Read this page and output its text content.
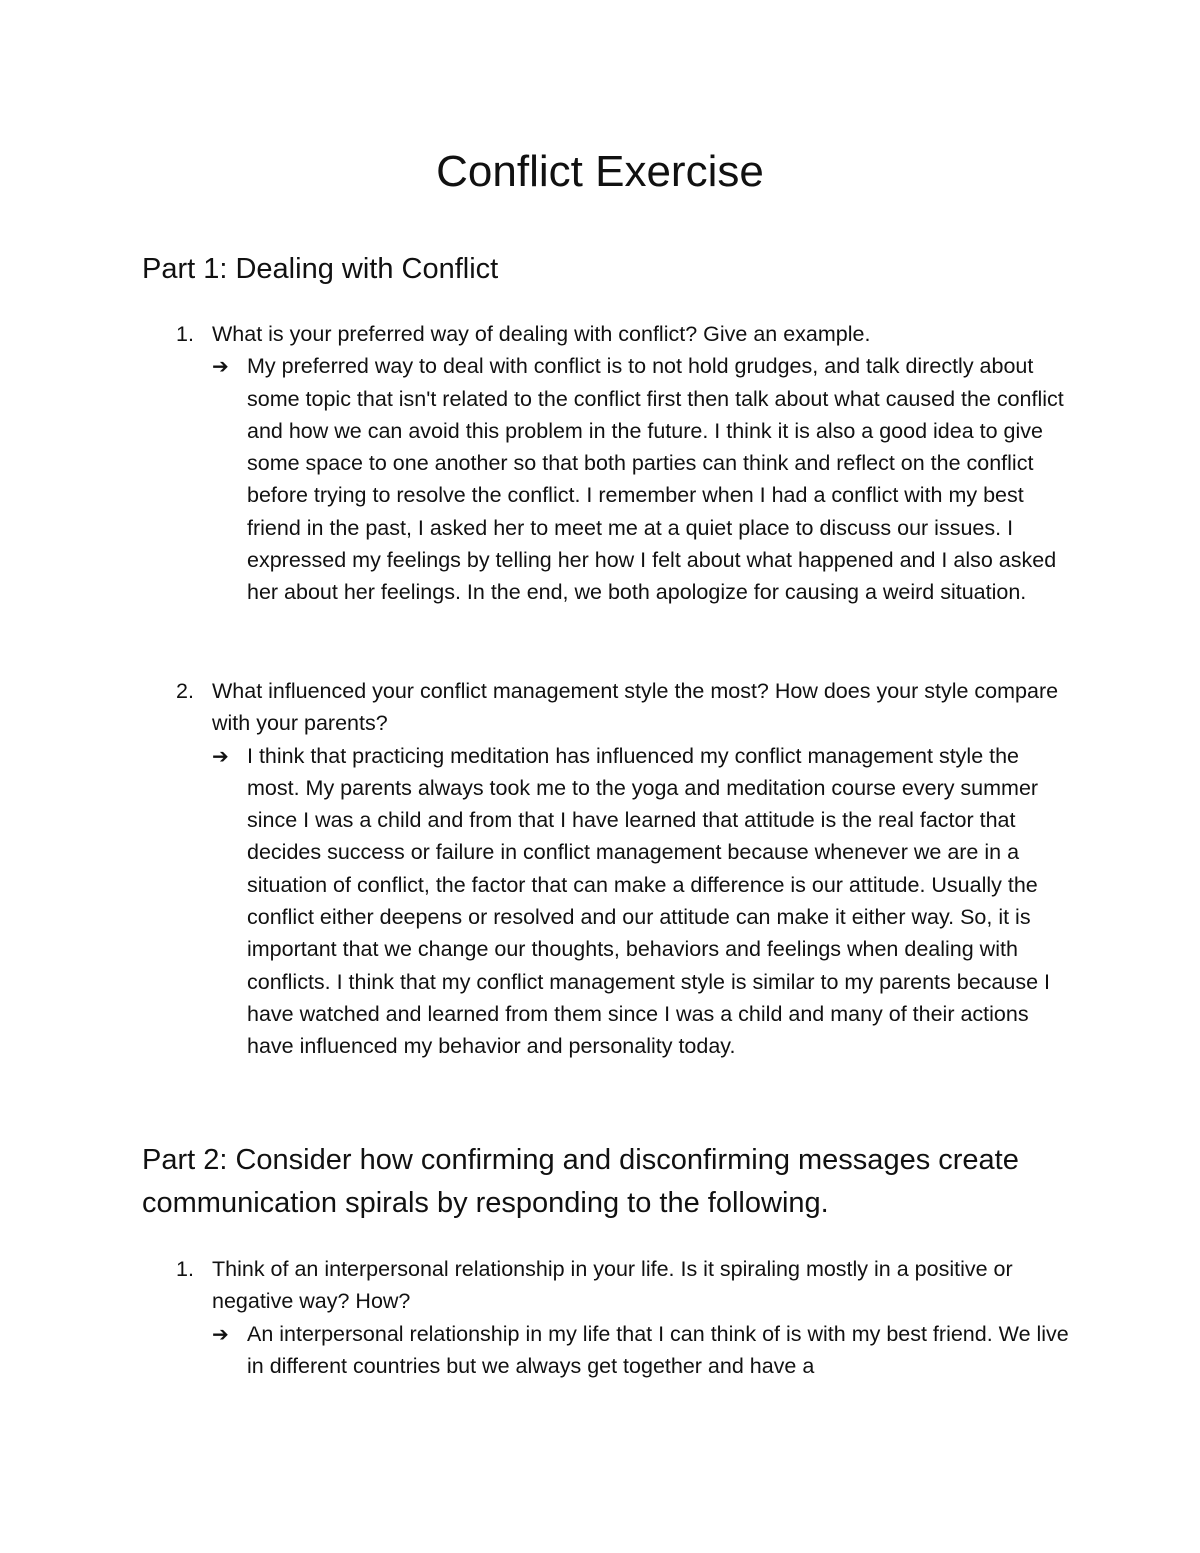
Conflict Exercise
Part 1: Dealing with Conflict
1. What is your preferred way of dealing with conflict? Give an example.
➔ My preferred way to deal with conflict is to not hold grudges, and talk directly about some topic that isn't related to the conflict first then talk about what caused the conflict and how we can avoid this problem in the future. I think it is also a good idea to give some space to one another so that both parties can think and reflect on the conflict before trying to resolve the conflict. I remember when I had a conflict with my best friend in the past, I asked her to meet me at a quiet place to discuss our issues. I expressed my feelings by telling her how I felt about what happened and I also asked her about her feelings. In the end, we both apologize for causing a weird situation.
2. What influenced your conflict management style the most? How does your style compare with your parents?
➔ I think that practicing meditation has influenced my conflict management style the most. My parents always took me to the yoga and meditation course every summer since I was a child and from that I have learned that attitude is the real factor that decides success or failure in conflict management because whenever we are in a situation of conflict, the factor that can make a difference is our attitude. Usually the conflict either deepens or resolved and our attitude can make it either way. So, it is important that we change our thoughts, behaviors and feelings when dealing with conflicts. I think that my conflict management style is similar to my parents because I have watched and learned from them since I was a child and many of their actions have influenced my behavior and personality today.
Part 2: Consider how confirming and disconfirming messages create communication spirals by responding to the following.
1. Think of an interpersonal relationship in your life. Is it spiraling mostly in a positive or negative way? How?
➔ An interpersonal relationship in my life that I can think of is with my best friend. We live in different countries but we always get together and have a
